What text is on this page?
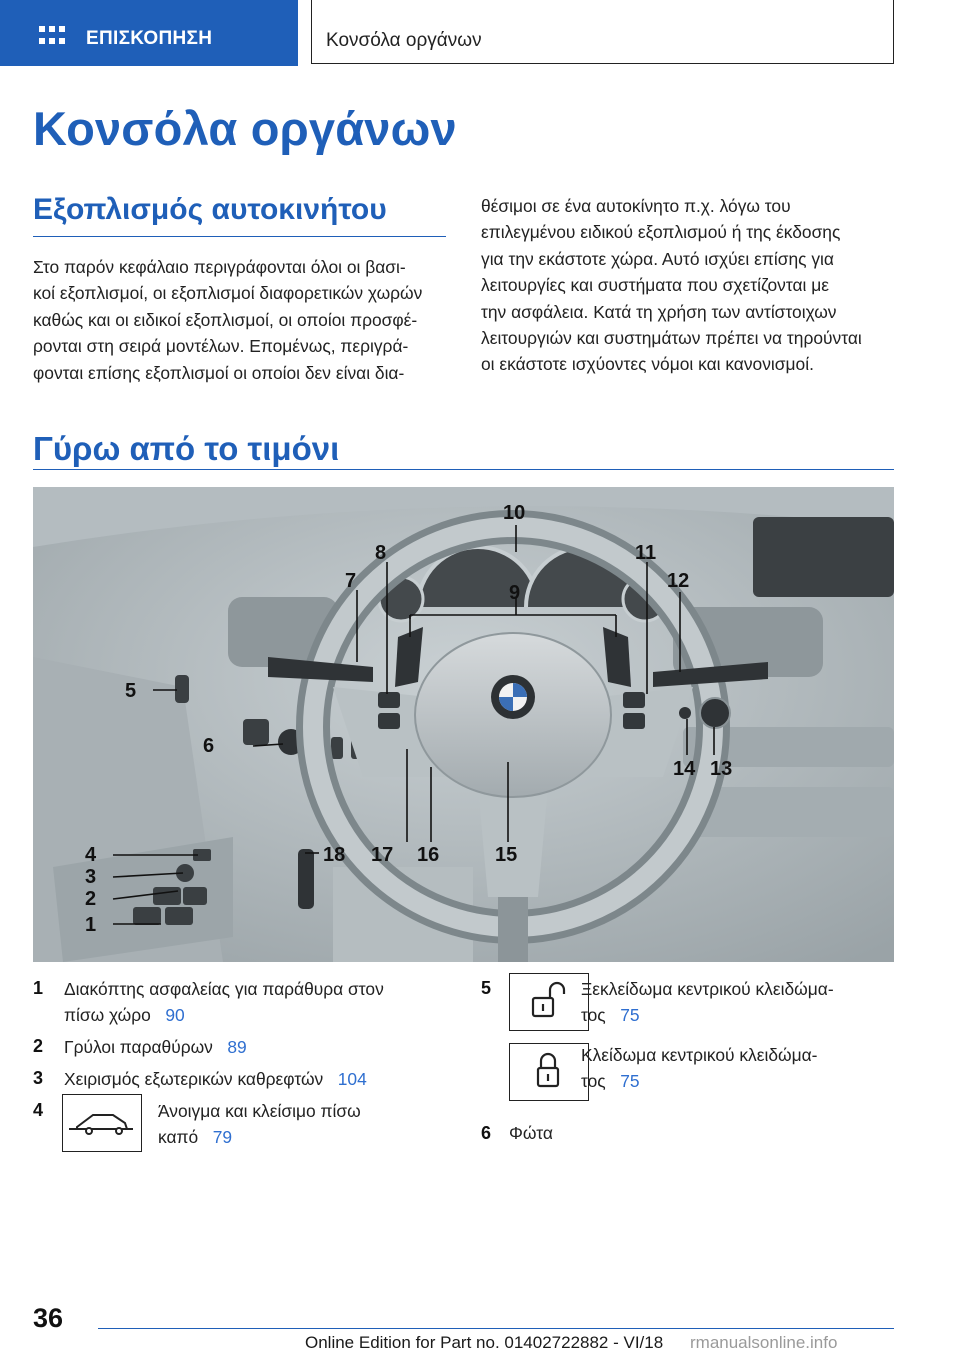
ΕΠΙΣΚΟΠΗΣΗ	Κονσόλα οργάνων
Κονσόλα οργάνων
Εξοπλισμός αυτοκινήτου

Στο παρόν κεφάλαιο περιγράφονται όλοι οι βασι‐
κοί εξοπλισμοί, οι εξοπλισμοί διαφορετικών χωρών
καθώς και οι ειδικοί εξοπλισμοί, οι οποίοι προσφέ‐
ρονται στη σειρά μοντέλων. Επομένως, περιγρά‐
φονται επίσης εξοπλισμοί οι οποίοι δεν είναι δια‐

θέσιμοι σε ένα αυτοκίνητο π.χ. λόγω του
επιλεγμένου ειδικού εξοπλισμού ή της έκδοσης
για την εκάστοτε χώρα. Αυτό ισχύει επίσης για
λειτουργίες και συστήματα που σχετίζονται με
την ασφάλεια. Κατά τη χρήση των αντίστοιχων
λειτουργιών και συστημάτων πρέπει να τηρούνται
οι εκάστοτε ισχύοντες νόμοι και κανονισμοί.

Γύρω από το τιμόνι
1
2
3
4
5
6
7
8
9
10
11
12
13
14
15
16
17
18
1 Διακόπτης ασφαλείας για παράθυρα στον
πίσω χώρο 90
2 Γρύλοι παραθύρων 89
3 Χειρισμός εξωτερικών καθρεφτών 104
4	Άνοιγμα και κλείσιμο πίσω
καπό 79
5	Ξεκλείδωμα κεντρικού κλειδώμα‐
τος 75
Κλείδωμα κεντρικού κλειδώμα‐
τος 75
6 Φώτα
36
Online Edition for Part no. 01402722882 - VI/18 rmanualsonline.info
